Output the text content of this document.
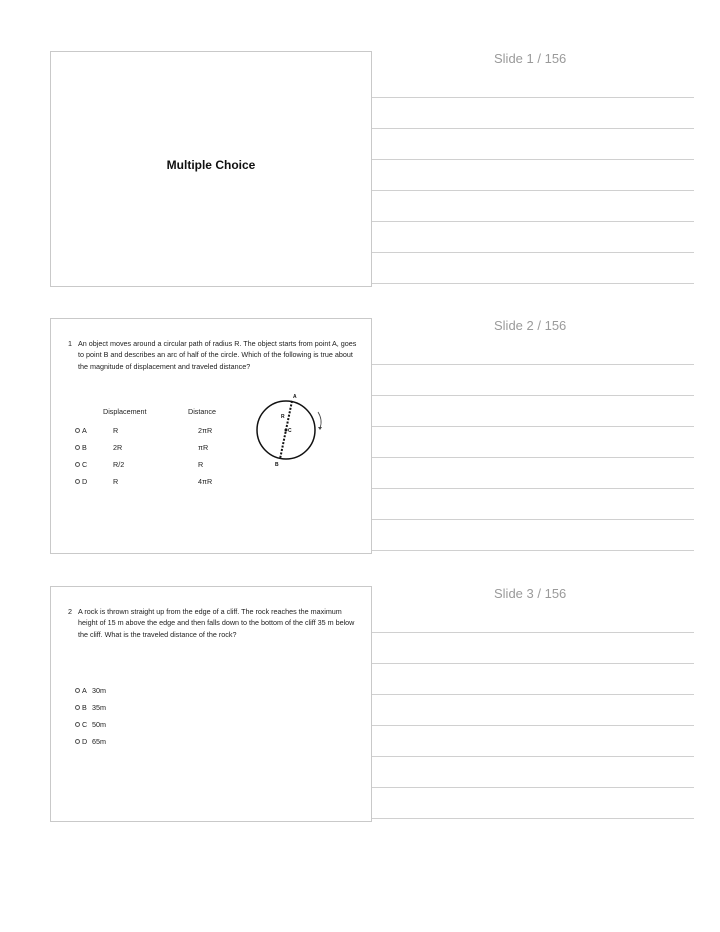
Slide 1 / 156
Multiple Choice
Slide 2 / 156
1 An object moves around a circular path of radius R. The object starts from point A, goes to point B and describes an arc of half of the circle. Which of the following is true about the magnitude of displacement and traveled distance?
Displacement	Distance
A	R	2πR
B	2R	πR
C	R/2	R
D	R	4πR
A
B
R
C
Slide 3 / 156
2 A rock is thrown straight up from the edge of a cliff. The rock reaches the maximum height of 15 m above the edge and then falls down to the bottom of the cliff 35 m below the cliff. What is the traveled distance of the rock?
A 30m
B 35m
C 50m
D 65m
